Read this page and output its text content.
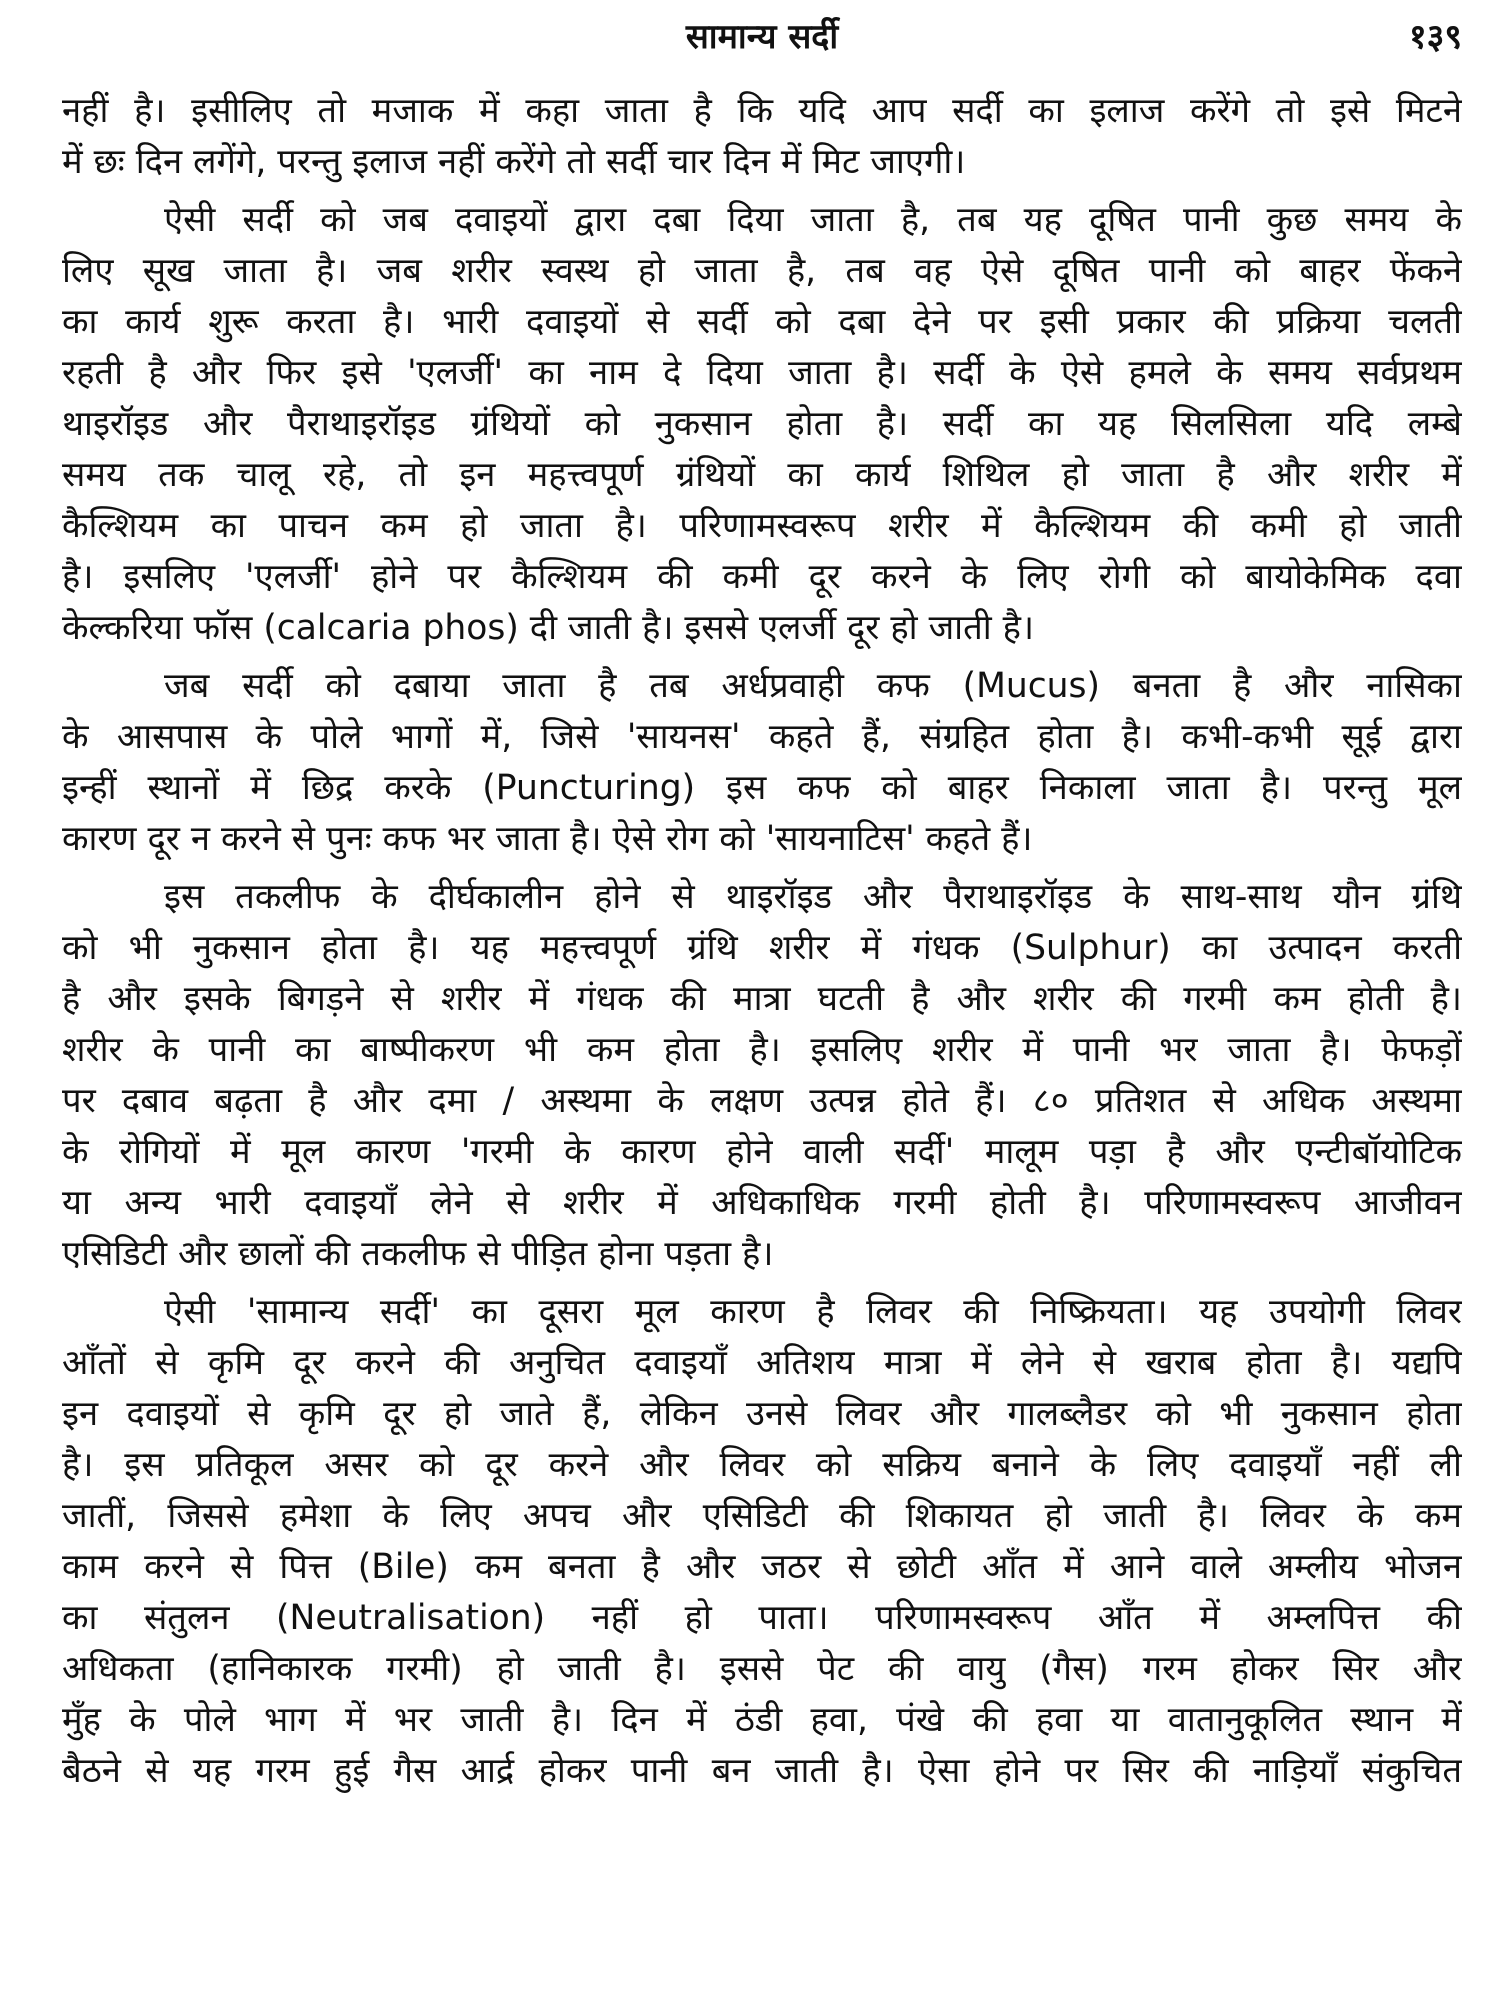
सामान्य सर्दी	१३९
नहीं है। इसीलिए तो मजाक में कहा जाता है कि यदि आप सर्दी का इलाज करेंगे तो इसे मिटने
में छः दिन लगेंगे, परन्तु इलाज नहीं करेंगे तो सर्दी चार दिन में मिट जाएगी।
ऐसी सर्दी को जब दवाइयों द्वारा दबा दिया जाता है, तब यह दूषित पानी कुछ समय के
लिए सूख जाता है। जब शरीर स्वस्थ हो जाता है, तब वह ऐसे दूषित पानी को बाहर फेंकने
का कार्य शुरू करता है। भारी दवाइयों से सर्दी को दबा देने पर इसी प्रकार की प्रक्रिया चलती
रहती है और फिर इसे 'एलर्जी' का नाम दे दिया जाता है। सर्दी के ऐसे हमले के समय सर्वप्रथम
थाइरॉइड और पैराथाइरॉइड ग्रंथियों को नुकसान होता है। सर्दी का यह सिलसिला यदि लम्बे
समय तक चालू रहे, तो इन महत्त्वपूर्ण ग्रंथियों का कार्य शिथिल हो जाता है और शरीर में
कैल्शियम का पाचन कम हो जाता है। परिणामस्वरूप शरीर में कैल्शियम की कमी हो जाती
है। इसलिए 'एलर्जी' होने पर कैल्शियम की कमी दूर करने के लिए रोगी को बायोकेमिक दवा
केल्करिया फॉस (calcaria phos) दी जाती है। इससे एलर्जी दूर हो जाती है।
जब सर्दी को दबाया जाता है तब अर्धप्रवाही कफ (Mucus) बनता है और नासिका
के आसपास के पोले भागों में, जिसे 'सायनस' कहते हैं, संग्रहित होता है। कभी-कभी सूई द्वारा
इन्हीं स्थानों में छिद्र करके (Puncturing) इस कफ को बाहर निकाला जाता है। परन्तु मूल
कारण दूर न करने से पुनः कफ भर जाता है। ऐसे रोग को 'सायनाटिस' कहते हैं।
इस तकलीफ के दीर्घकालीन होने से थाइरॉइड और पैराथाइरॉइड के साथ-साथ यौन ग्रंथि
को भी नुकसान होता है। यह महत्त्वपूर्ण ग्रंथि शरीर में गंधक (Sulphur) का उत्पादन करती
है और इसके बिगड़ने से शरीर में गंधक की मात्रा घटती है और शरीर की गरमी कम होती है।
शरीर के पानी का बाष्पीकरण भी कम होता है। इसलिए शरीर में पानी भर जाता है। फेफड़ों
पर दबाव बढ़ता है और दमा / अस्थमा के लक्षण उत्पन्न होते हैं। ८० प्रतिशत से अधिक अस्थमा
के रोगियों में मूल कारण 'गरमी के कारण होने वाली सर्दी' मालूम पड़ा है और एन्टीबॉयोटिक
या अन्य भारी दवाइयाँ लेने से शरीर में अधिकाधिक गरमी होती है। परिणामस्वरूप आजीवन
एसिडिटी और छालों की तकलीफ से पीड़ित होना पड़ता है।
ऐसी 'सामान्य सर्दी' का दूसरा मूल कारण है लिवर की निष्क्रियता। यह उपयोगी लिवर
आँतों से कृमि दूर करने की अनुचित दवाइयाँ अतिशय मात्रा में लेने से खराब होता है। यद्यपि
इन दवाइयों से कृमि दूर हो जाते हैं, लेकिन उनसे लिवर और गालब्लैडर को भी नुकसान होता
है। इस प्रतिकूल असर को दूर करने और लिवर को सक्रिय बनाने के लिए दवाइयाँ नहीं ली
जातीं, जिससे हमेशा के लिए अपच और एसिडिटी की शिकायत हो जाती है। लिवर के कम
काम करने से पित्त (Bile) कम बनता है और जठर से छोटी आँत में आने वाले अम्लीय भोजन
का संतुलन (Neutralisation) नहीं हो पाता। परिणामस्वरूप आँत में अम्लपित्त की
अधिकता (हानिकारक गरमी) हो जाती है। इससे पेट की वायु (गैस) गरम होकर सिर और
मुँह के पोले भाग में भर जाती है। दिन में ठंडी हवा, पंखे की हवा या वातानुकूलित स्थान में
बैठने से यह गरम हुई गैस आर्द्र होकर पानी बन जाती है। ऐसा होने पर सिर की नाड़ियाँ संकुचित
